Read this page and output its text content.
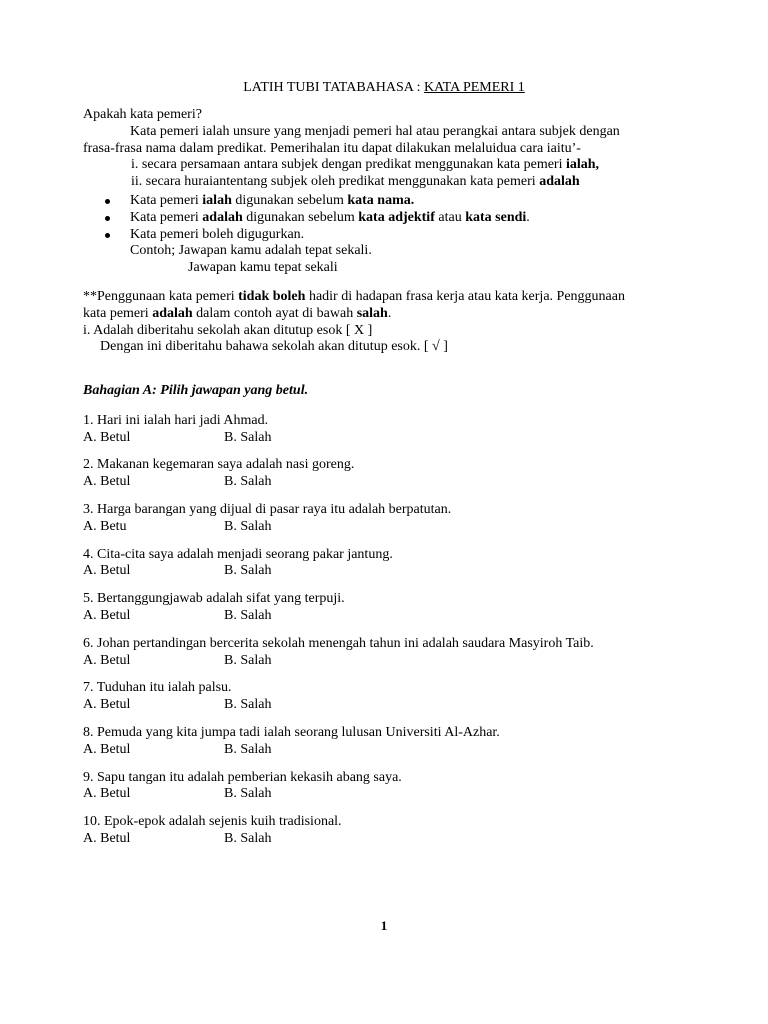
LATIH TUBI TATABAHASA : KATA PEMERI 1
Apakah kata pemeri?
Kata pemeri ialah unsure yang menjadi pemeri hal atau perangkai antara subjek dengan
frasa-frasa nama dalam predikat. Pemerihalan itu dapat dilakukan melaluidua cara iaitu’-
i. secara persamaan antara subjek dengan predikat menggunakan kata pemeri ialah,
ii. secara huraiantentang subjek oleh predikat menggunakan kata pemeri adalah
Kata pemeri ialah digunakan sebelum kata nama.
Kata pemeri adalah digunakan sebelum kata adjektif atau kata sendi.
Kata pemeri boleh digugurkan.
Contoh; Jawapan kamu adalah tepat sekali.
Jawapan kamu tepat sekali
**Penggunaan kata pemeri tidak boleh hadir di hadapan frasa kerja atau kata kerja. Penggunaan
kata pemeri adalah dalam contoh ayat di bawah salah.
i. Adalah diberitahu sekolah akan ditutup esok [ X ]
Dengan ini diberitahu bahawa sekolah akan ditutup esok. [ √ ]
Bahagian A: Pilih jawapan yang betul.
1. Hari ini ialah hari jadi Ahmad.
A. Betul	B. Salah
2. Makanan kegemaran saya adalah nasi goreng.
A. Betul	B. Salah
3. Harga barangan yang dijual di pasar raya itu adalah berpatutan.
A. Betu	B. Salah
4. Cita-cita saya adalah menjadi seorang pakar jantung.
A. Betul	B. Salah
5. Bertanggungjawab adalah sifat yang terpuji.
A. Betul	B. Salah
6. Johan pertandingan bercerita sekolah menengah tahun ini adalah saudara Masyiroh Taib.
A. Betul	B. Salah
7. Tuduhan itu ialah palsu.
A. Betul	B. Salah
8. Pemuda yang kita jumpa tadi ialah seorang lulusan Universiti Al-Azhar.
A. Betul	B. Salah
9. Sapu tangan itu adalah pemberian kekasih abang saya.
A. Betul	B. Salah
10. Epok-epok adalah sejenis kuih tradisional.
A. Betul	B. Salah
1
